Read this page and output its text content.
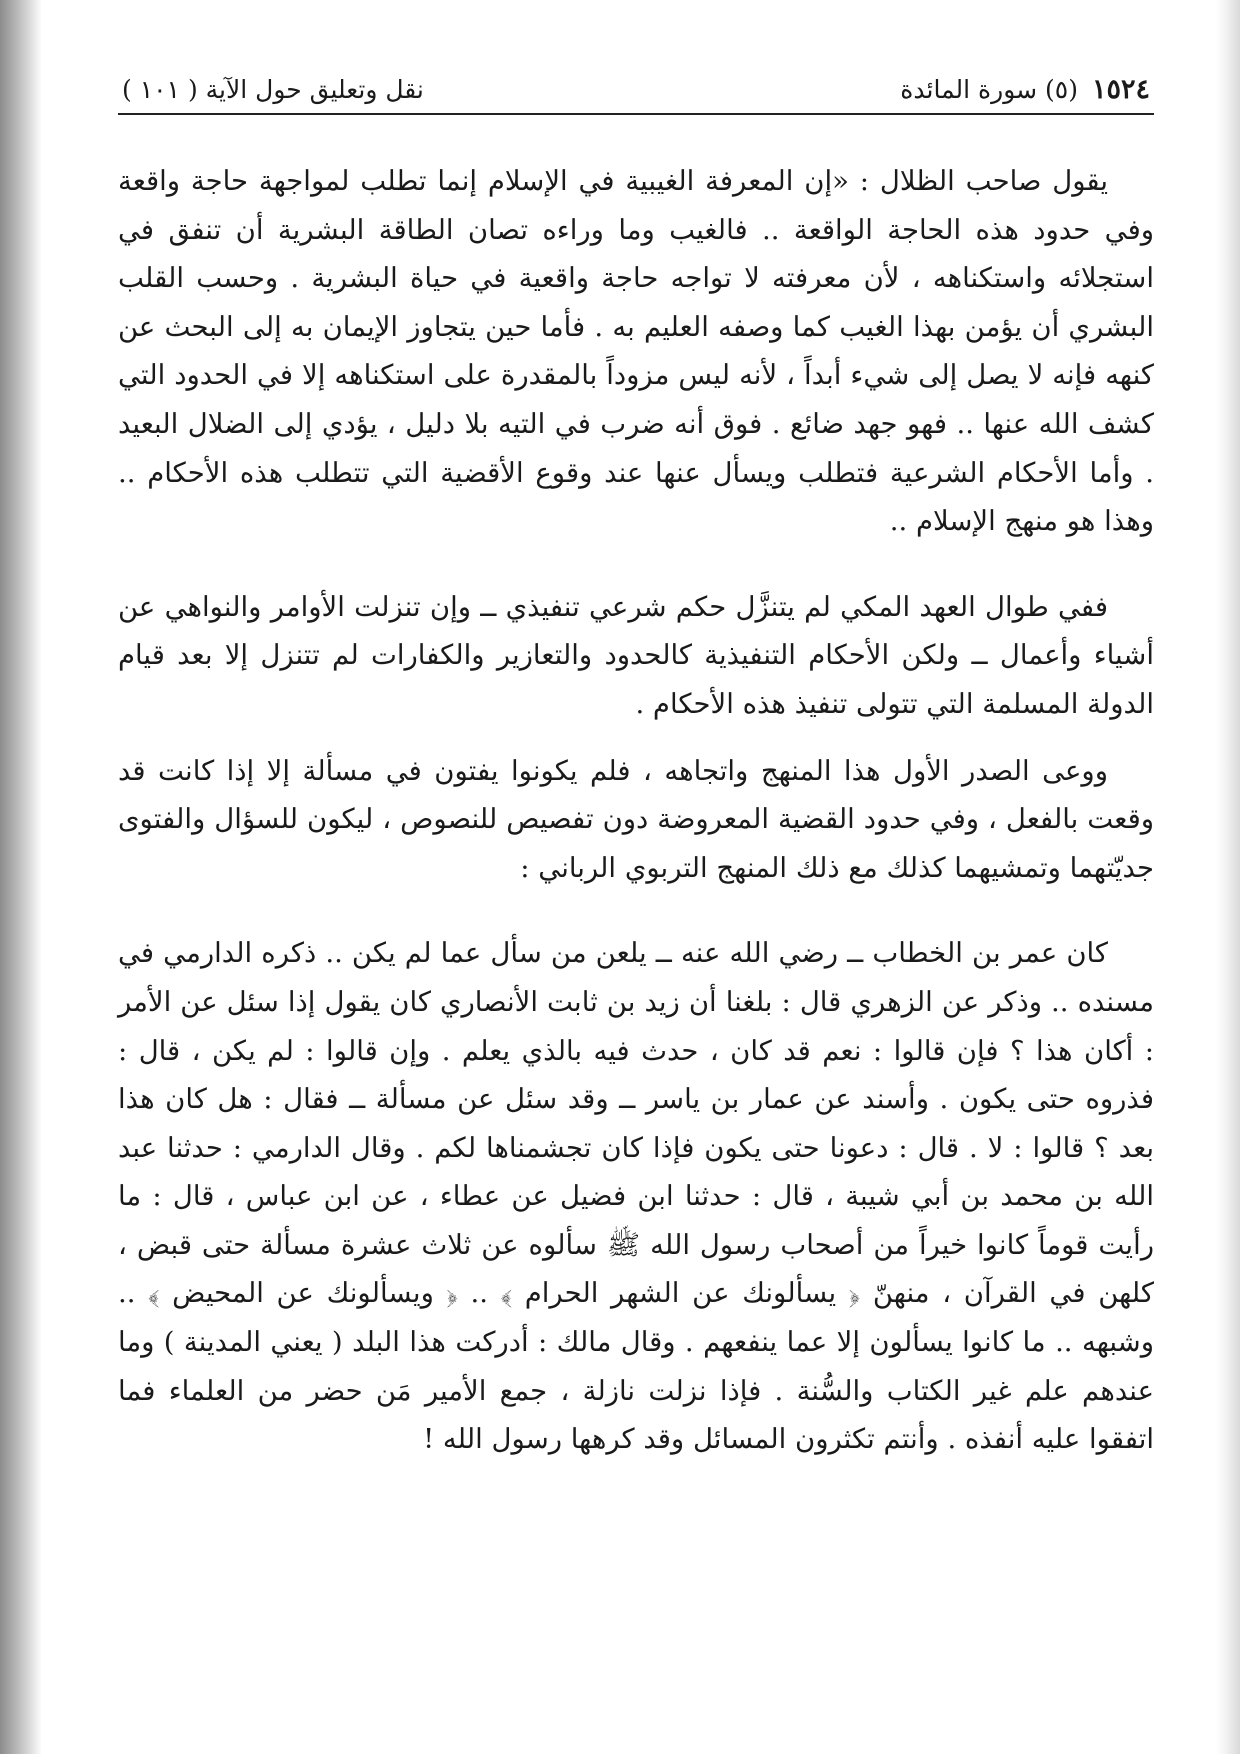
١٥٢٤
(٥) سورة المائدة
نقل وتعليق حول الآية ( ١٠١ )

يقول صاحب الظلال : «إن المعرفة الغيبية في الإسلام إنما تطلب لمواجهة حاجة واقعة وفي حدود هذه الحاجة الواقعة .. فالغيب وما وراءه تصان الطاقة البشرية أن تنفق في استجلائه واستكناهه ، لأن معرفته لا تواجه حاجة واقعية في حياة البشرية . وحسب القلب البشري أن يؤمن بهذا الغيب كما وصفه العليم به . فأما حين يتجاوز الإيمان به إلى البحث عن كنهه فإنه لا يصل إلى شيء أبداً ، لأنه ليس مزوداً بالمقدرة على استكناهه إلا في الحدود التي كشف الله عنها .. فهو جهد ضائع . فوق أنه ضرب في التيه بلا دليل ، يؤدي إلى الضلال البعيد . وأما الأحكام الشرعية فتطلب ويسأل عنها عند وقوع الأقضية التي تتطلب هذه الأحكام .. وهذا هو منهج الإسلام ..

ففي طوال العهد المكي لم يتنزَّل حكم شرعي تنفيذي ــ وإن تنزلت الأوامر والنواهي عن أشياء وأعمال ــ ولكن الأحكام التنفيذية كالحدود والتعازير والكفارات لم تتنزل إلا بعد قيام الدولة المسلمة التي تتولى تنفيذ هذه الأحكام .

ووعى الصدر الأول هذا المنهج واتجاهه ، فلم يكونوا يفتون في مسألة إلا إذا كانت قد وقعت بالفعل ، وفي حدود القضية المعروضة دون تفصيص للنصوص ، ليكون للسؤال والفتوى جديّتهما وتمشيهما كذلك مع ذلك المنهج التربوي الرباني :

كان عمر بن الخطاب ــ رضي الله عنه ــ يلعن من سأل عما لم يكن .. ذكره الدارمي في مسنده .. وذكر عن الزهري قال : بلغنا أن زيد بن ثابت الأنصاري كان يقول إذا سئل عن الأمر : أكان هذا ؟ فإن قالوا : نعم قد كان ، حدث فيه بالذي يعلم . وإن قالوا : لم يكن ، قال : فذروه حتى يكون . وأسند عن عمار بن ياسر ــ وقد سئل عن مسألة ــ فقال : هل كان هذا بعد ؟ قالوا : لا . قال : دعونا حتى يكون فإذا كان تجشمناها لكم . وقال الدارمي : حدثنا عبد الله بن محمد بن أبي شيبة ، قال : حدثنا ابن فضيل عن عطاء ، عن ابن عباس ، قال : ما رأيت قوماً كانوا خيراً من أصحاب رسول الله ﷺ سألوه عن ثلاث عشرة مسألة حتى قبض ، كلهن في القرآن ، منهنّ ﴿ يسألونك عن الشهر الحرام ﴾ .. ﴿ ويسألونك عن المحيض ﴾ .. وشبهه .. ما كانوا يسألون إلا عما ينفعهم . وقال مالك : أدركت هذا البلد ( يعني المدينة ) وما عندهم علم غير الكتاب والسُّنة . فإذا نزلت نازلة ، جمع الأمير مَن حضر من العلماء فما اتفقوا عليه أنفذه . وأنتم تكثرون المسائل وقد كرهها رسول الله !
